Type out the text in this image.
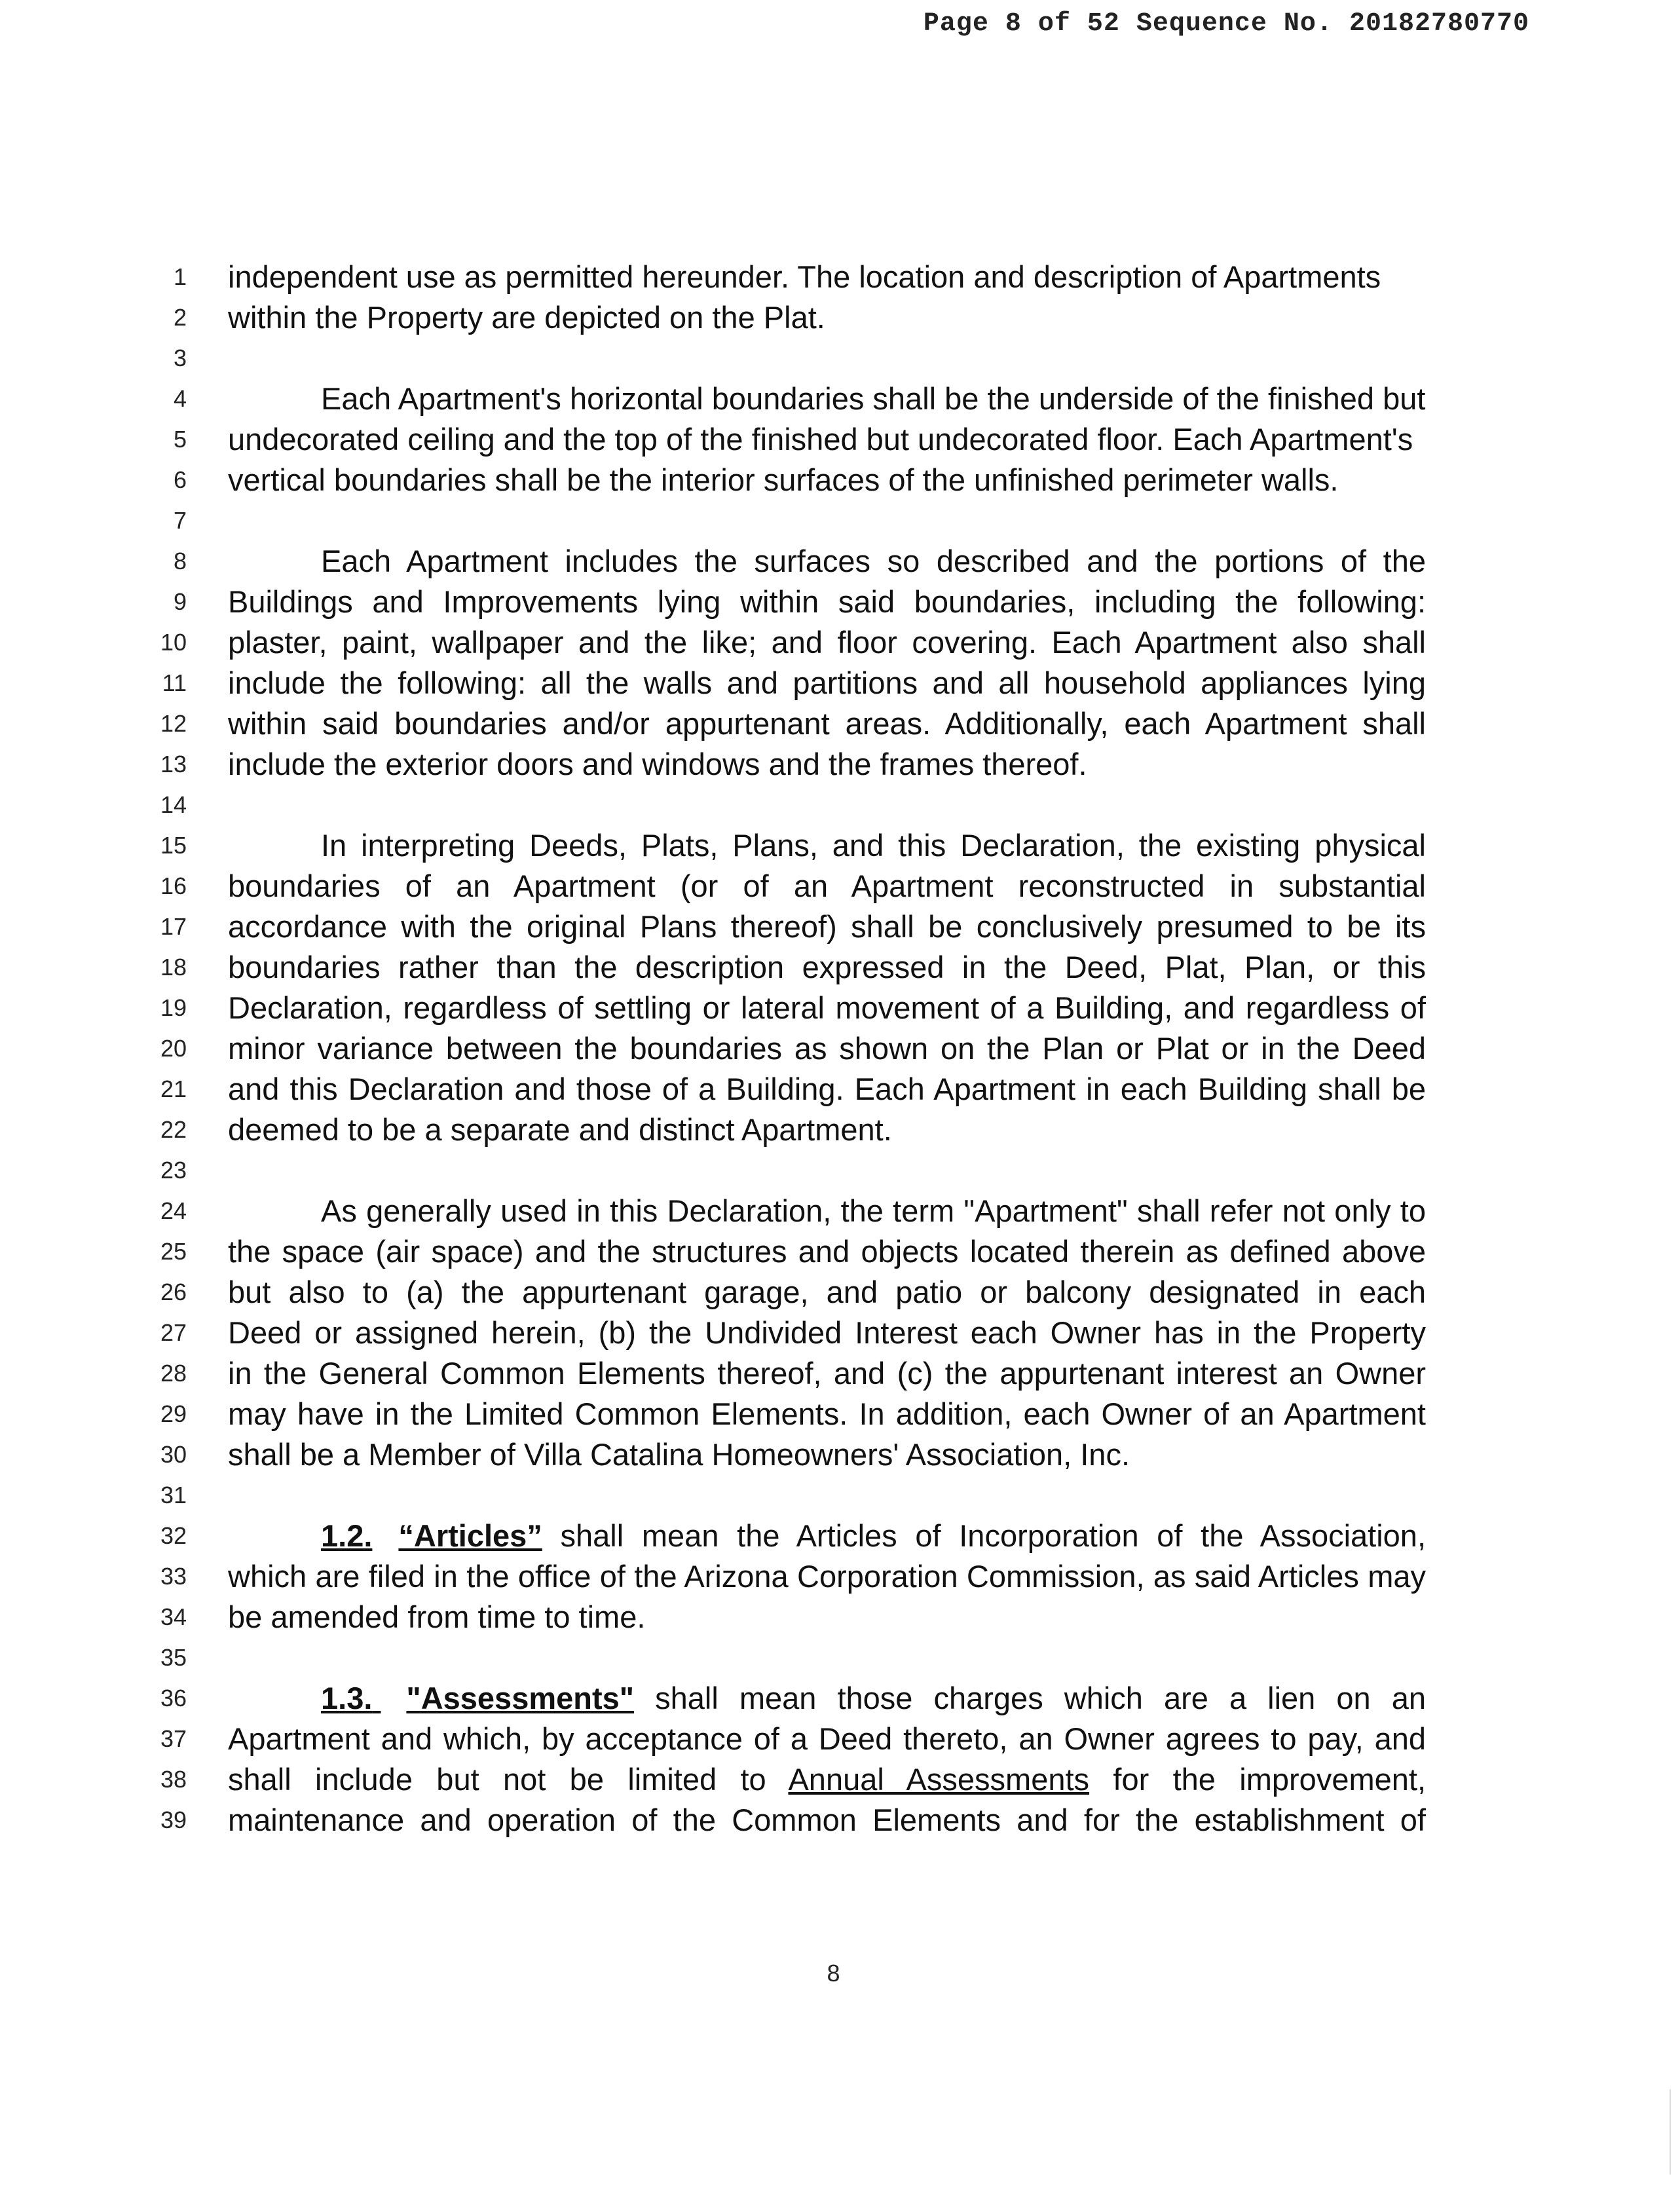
Page 8 of 52 Sequence No. 20182780770
1
2
3
4
5
6
7
8
9
10
11
12
13
14
15
16
17
18
19
20
21
22
23
24
25
26
27
28
29
30
31
32
33
34
35
36
37
38
39
independent use as permitted hereunder. The location and description of Apartments
within the Property are depicted on the Plat.
Each Apartment's horizontal boundaries shall be the underside of the finished but
undecorated ceiling and the top of the finished but undecorated floor. Each Apartment's
vertical boundaries shall be the interior surfaces of the unfinished perimeter walls.
Each Apartment includes the surfaces so described and the portions of the
Buildings and Improvements lying within said boundaries, including the following:
plaster, paint, wallpaper and the like; and floor covering. Each Apartment also shall
include the following: all the walls and partitions and all household appliances lying
within said boundaries and/or appurtenant areas. Additionally, each Apartment shall
include the exterior doors and windows and the frames thereof.
In interpreting Deeds, Plats, Plans, and this Declaration, the existing physical
boundaries of an Apartment (or of an Apartment reconstructed in substantial
accordance with the original Plans thereof) shall be conclusively presumed to be its
boundaries rather than the description expressed in the Deed, Plat, Plan, or this
Declaration, regardless of settling or lateral movement of a Building, and regardless of
minor variance between the boundaries as shown on the Plan or Plat or in the Deed
and this Declaration and those of a Building. Each Apartment in each Building shall be
deemed to be a separate and distinct Apartment.
As generally used in this Declaration, the term "Apartment" shall refer not only to
the space (air space) and the structures and objects located therein as defined above
but also to (a) the appurtenant garage, and patio or balcony designated in each
Deed or assigned herein, (b) the Undivided Interest each Owner has in the Property
in the General Common Elements thereof, and (c) the appurtenant interest an Owner
may have in the Limited Common Elements. In addition, each Owner of an Apartment
shall be a Member of Villa Catalina Homeowners' Association, Inc.
1.2. “Articles” shall mean the Articles of Incorporation of the Association,
which are filed in the office of the Arizona Corporation Commission, as said Articles may
be amended from time to time.
1.3. "Assessments" shall mean those charges which are a lien on an
Apartment and which, by acceptance of a Deed thereto, an Owner agrees to pay, and
shall include but not be limited to Annual Assessments for the improvement,
maintenance and operation of the Common Elements and for the establishment of
8
